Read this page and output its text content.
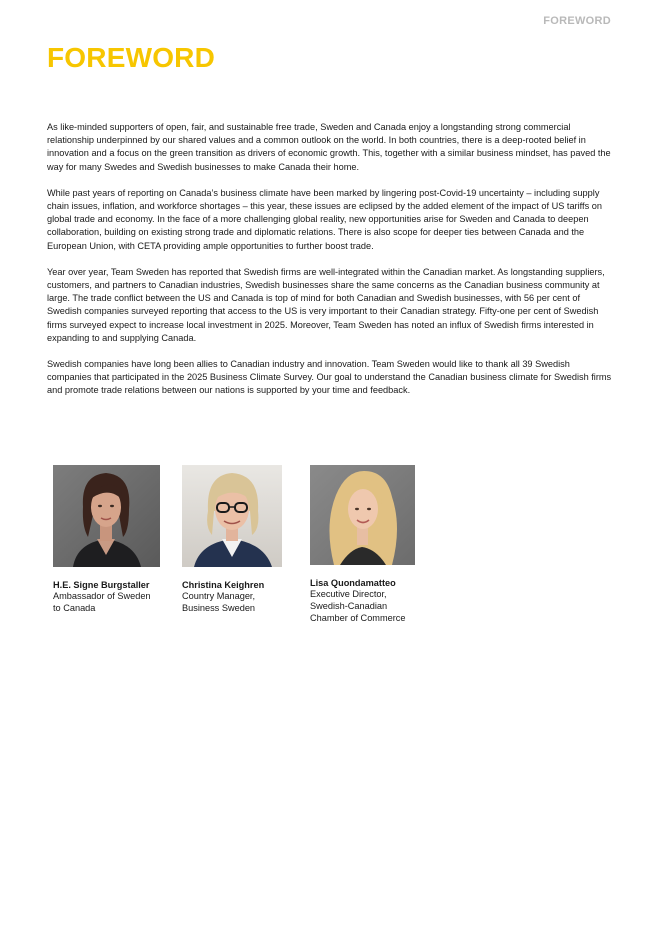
FOREWORD
FOREWORD

As like-minded supporters of open, fair, and sustainable free trade, Sweden and Canada enjoy a longstanding strong commercial relationship underpinned by our shared values and a common outlook on the world. In both countries, there is a deep-rooted belief in innovation and a focus on the green transition as drivers of economic growth. This, together with a similar business mindset, has paved the way for many Swedes and Swedish businesses to make Canada their home.

While past years of reporting on Canada’s business climate have been marked by lingering post-Covid-19 uncertainty – including supply chain issues, inflation, and workforce shortages – this year, these issues are eclipsed by the added element of the impact of US tariffs on global trade and economy. In the face of a more challenging global reality, new opportunities arise for Sweden and Canada to deepen collaboration, building on existing strong trade and diplomatic relations. There is also scope for deeper ties between Canada and the European Union, with CETA providing ample opportunities to further boost trade.

Year over year, Team Sweden has reported that Swedish firms are well-integrated within the Canadian market. As longstanding suppliers, customers, and partners to Canadian industries, Swedish businesses share the same concerns as the Canadian business community at large. The trade conflict between the US and Canada is top of mind for both Canadian and Swedish businesses, with 56 per cent of Swedish companies surveyed reporting that access to the US is very important to their Canadian strategy. Fifty-one per cent of Swedish firms surveyed expect to increase local investment in 2025. Moreover, Team Sweden has noted an influx of Swedish firms interested in expanding to and supplying Canada.

Swedish companies have long been allies to Canadian industry and innovation. Team Sweden would like to thank all 39 Swedish companies that participated in the 2025 Business Climate Survey. Our goal to understand the Canadian business climate for Swedish firms and promote trade relations between our nations is supported by your time and feedback.

H.E. Signe Burgstaller
Ambassador of Sweden
to Canada
Christina Keighren
Country Manager,
Business Sweden
Lisa Quondamatteo
Executive Director,
Swedish-Canadian
Chamber of Commerce
